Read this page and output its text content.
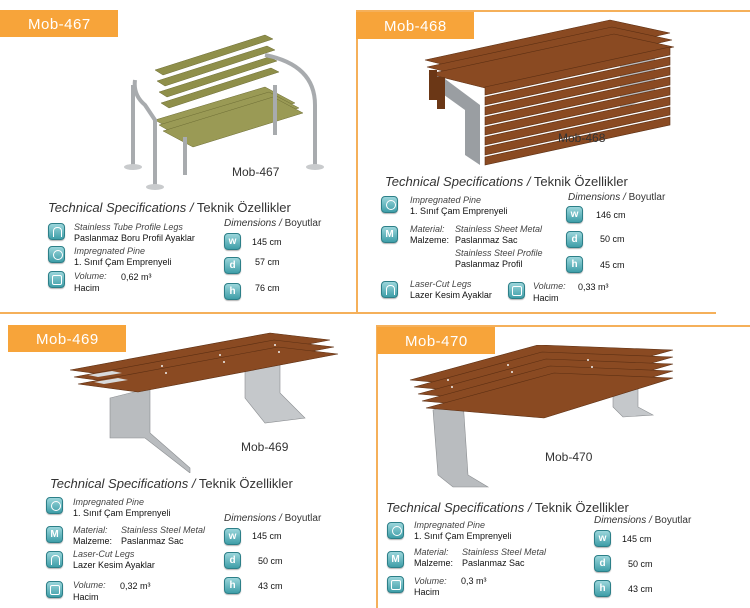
Mob-467
Mob-467
Technical Specifications / Teknik Özellikler
Dimensions / Boyutlar
Stainless Tube Profile Legs
Paslanmaz Boru Profil Ayaklar
Impregnated Pine
1. Sınıf Çam Emprenyeli
Volume: 0,62 m³
Hacim
w	145 cm
d	57 cm
h	76 cm
Mob-468
Mob-468
Technical Specifications / Teknik Özellikler
Dimensions / Boyutlar
Impregnated Pine
1. Sınıf Çam Emprenyeli
M	Material: Stainless Sheet Metal
Malzeme: Paslanmaz Sac
Stainless Steel Profile
Paslanmaz Profil
Laser-Cut Legs
Lazer Kesim Ayaklar
Volume: 0,33 m³
Hacim
w	146 cm
d	50 cm
h	45 cm
Mob-469
Mob-469
Technical Specifications / Teknik Özellikler
Dimensions / Boyutlar
Impregnated Pine
1. Sınıf Çam Emprenyeli
M	Material: Stainless Steel Metal
Malzeme: Paslanmaz Sac
Laser-Cut Legs
Lazer Kesim Ayaklar
Volume: 0,32 m³
Hacim
w	145 cm
d	50 cm
h	43 cm
Mob-470
Mob-470
Technical Specifications / Teknik Özellikler
Dimensions / Boyutlar
Impregnated Pine
1. Sınıf Çam Emprenyeli
M
Material: Stainless Steel Metal
Malzeme: Paslanmaz Sac
Volume: 0,3 m³
Hacim
w	145 cm
d	50 cm
h	43 cm
